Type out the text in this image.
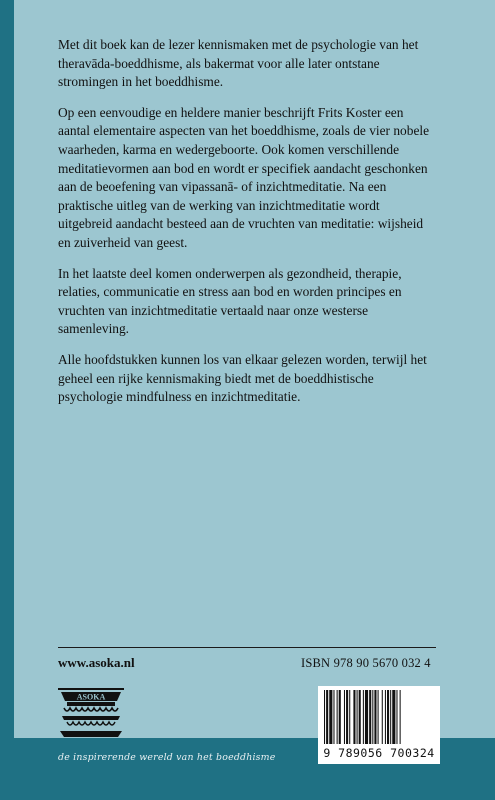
Met dit boek kan de lezer kennismaken met de psychologie van het theravāda-boeddhisme, als bakermat voor alle later ontstane stromingen in het boeddhisme.

Op een eenvoudige en heldere manier beschrijft Frits Koster een aantal elementaire aspecten van het boeddhisme, zoals de vier nobele waarheden, karma en wedergeboorte. Ook komen verschillende meditatievormen aan bod en wordt er specifiek aandacht geschonken aan de beoefening van vipassanā- of inzichtmeditatie. Na een praktische uitleg van de werking van inzichtmeditatie wordt uitgebreid aandacht besteed aan de vruchten van meditatie: wijsheid en zuiverheid van geest.

In het laatste deel komen onderwerpen als gezondheid, therapie, relaties, communicatie en stress aan bod en worden principes en vruchten van inzichtmeditatie vertaald naar onze westerse samenleving.

Alle hoofdstukken kunnen los van elkaar gelezen worden, terwijl het geheel een rijke kennismaking biedt met de boeddhistische psychologie mindfulness en inzichtmeditatie.

www.asoka.nl	ISBN 978 90 5670 032 4
ASOKA
9 789056 700324
de inspirerende wereld van het boeddhisme
